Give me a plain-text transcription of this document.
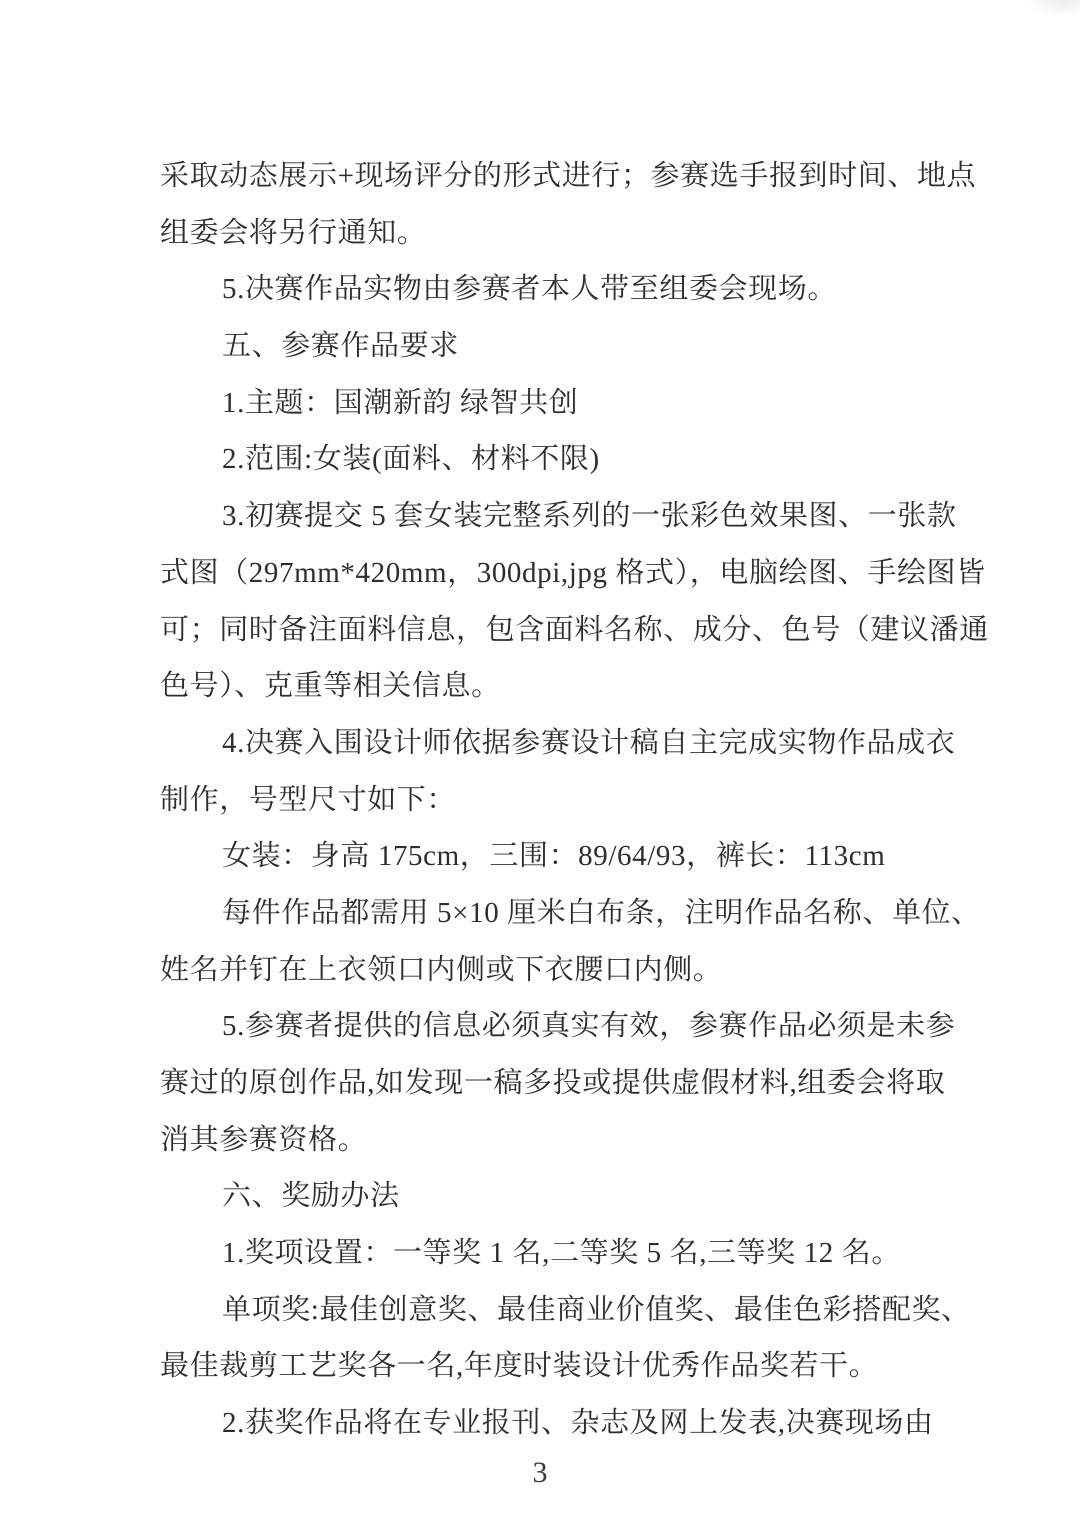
采取动态展示+现场评分的形式进行；参赛选手报到时间、地点
组委会将另行通知。
5.决赛作品实物由参赛者本人带至组委会现场。
五、参赛作品要求
1.主题：国潮新韵 绿智共创
2.范围:女装(面料、材料不限)
3.初赛提交 5 套女装完整系列的一张彩色效果图、一张款
式图（297mm*420mm，300dpi,jpg 格式），电脑绘图、手绘图皆
可；同时备注面料信息，包含面料名称、成分、色号（建议潘通
色号）、克重等相关信息。
4.决赛入围设计师依据参赛设计稿自主完成实物作品成衣
制作，号型尺寸如下：
女装：身高 175cm，三围：89/64/93，裤长：113cm
每件作品都需用 5×10 厘米白布条，注明作品名称、单位、
姓名并钉在上衣领口内侧或下衣腰口内侧。
5.参赛者提供的信息必须真实有效，参赛作品必须是未参
赛过的原创作品,如发现一稿多投或提供虚假材料,组委会将取
消其参赛资格。
六、奖励办法
1.奖项设置：一等奖 1 名,二等奖 5 名,三等奖 12 名。
单项奖:最佳创意奖、最佳商业价值奖、最佳色彩搭配奖、
最佳裁剪工艺奖各一名,年度时装设计优秀作品奖若干。
2.获奖作品将在专业报刊、杂志及网上发表,决赛现场由
3
